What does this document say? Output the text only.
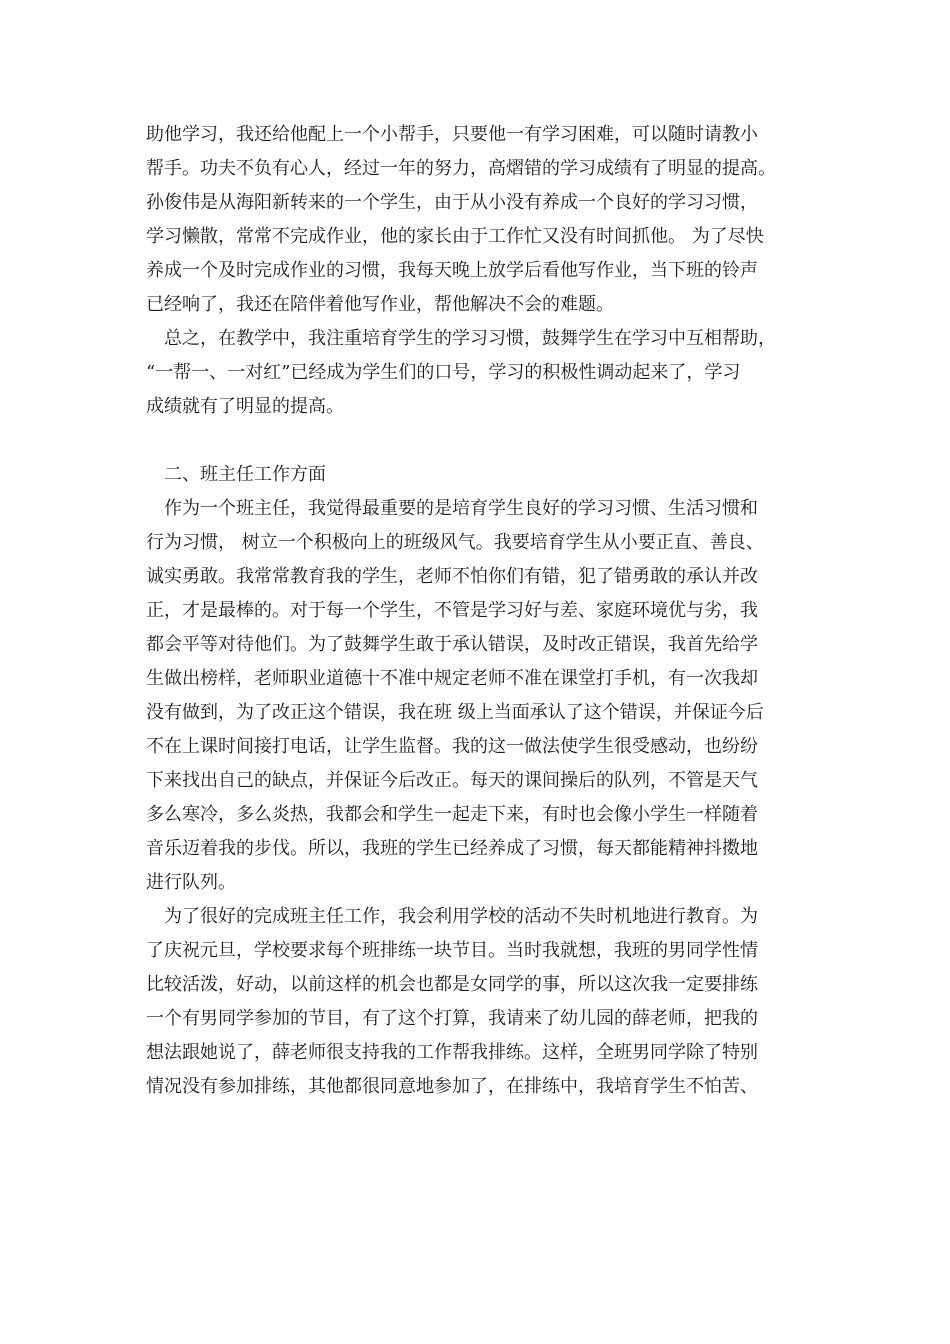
助他学习，我还给他配上一个小帮手，只要他一有学习困难，可以随时请教小
帮手。功夫不负有心人，经过一年的努力，高熠错的学习成绩有了明显的提高。
孙俊伟是从海阳新转来的一个学生，由于从小没有养成一个良好的学习习惯，
学习懒散，常常不完成作业，他的家长由于工作忙又没有时间抓他。 为了尽快
养成一个及时完成作业的习惯，我每天晚上放学后看他写作业，当下班的铃声
已经响了，我还在陪伴着他写作业，帮他解决不会的难题。
　总之，在教学中，我注重培育学生的学习习惯，鼓舞学生在学习中互相帮助，
“一帮一、一对红”已经成为学生们的口号，学习的积极性调动起来了，学习
成绩就有了明显的提高。
　二、班主任工作方面
　作为一个班主任，我觉得最重要的是培育学生良好的学习习惯、生活习惯和
行为习惯， 树立一个积极向上的班级风气。我要培育学生从小要正直、善良、
诚实勇敢。我常常教育我的学生，老师不怕你们有错，犯了错勇敢的承认并改
正，才是最棒的。对于每一个学生，不管是学习好与差、家庭环境优与劣，我
都会平等对待他们。为了鼓舞学生敢于承认错误，及时改正错误，我首先给学
生做出榜样，老师职业道德十不准中规定老师不准在课堂打手机，有一次我却
没有做到，为了改正这个错误，我在班 级上当面承认了这个错误，并保证今后
不在上课时间接打电话，让学生监督。我的这一做法使学生很受感动，也纷纷
下来找出自己的缺点，并保证今后改正。每天的课间操后的队列，不管是天气
多么寒冷，多么炎热，我都会和学生一起走下来，有时也会像小学生一样随着
音乐迈着我的步伐。所以，我班的学生已经养成了习惯，每天都能精神抖擞地
进行队列。
　为了很好的完成班主任工作，我会利用学校的活动不失时机地进行教育。为
了庆祝元旦，学校要求每个班排练一块节目。当时我就想，我班的男同学性情
比较活泼，好动，以前这样的机会也都是女同学的事，所以这次我一定要排练
一个有男同学参加的节目，有了这个打算，我请来了幼儿园的薛老师，把我的
想法跟她说了，薛老师很支持我的工作帮我排练。这样，全班男同学除了特别
情况没有参加排练，其他都很同意地参加了，在排练中，我培育学生不怕苦、
